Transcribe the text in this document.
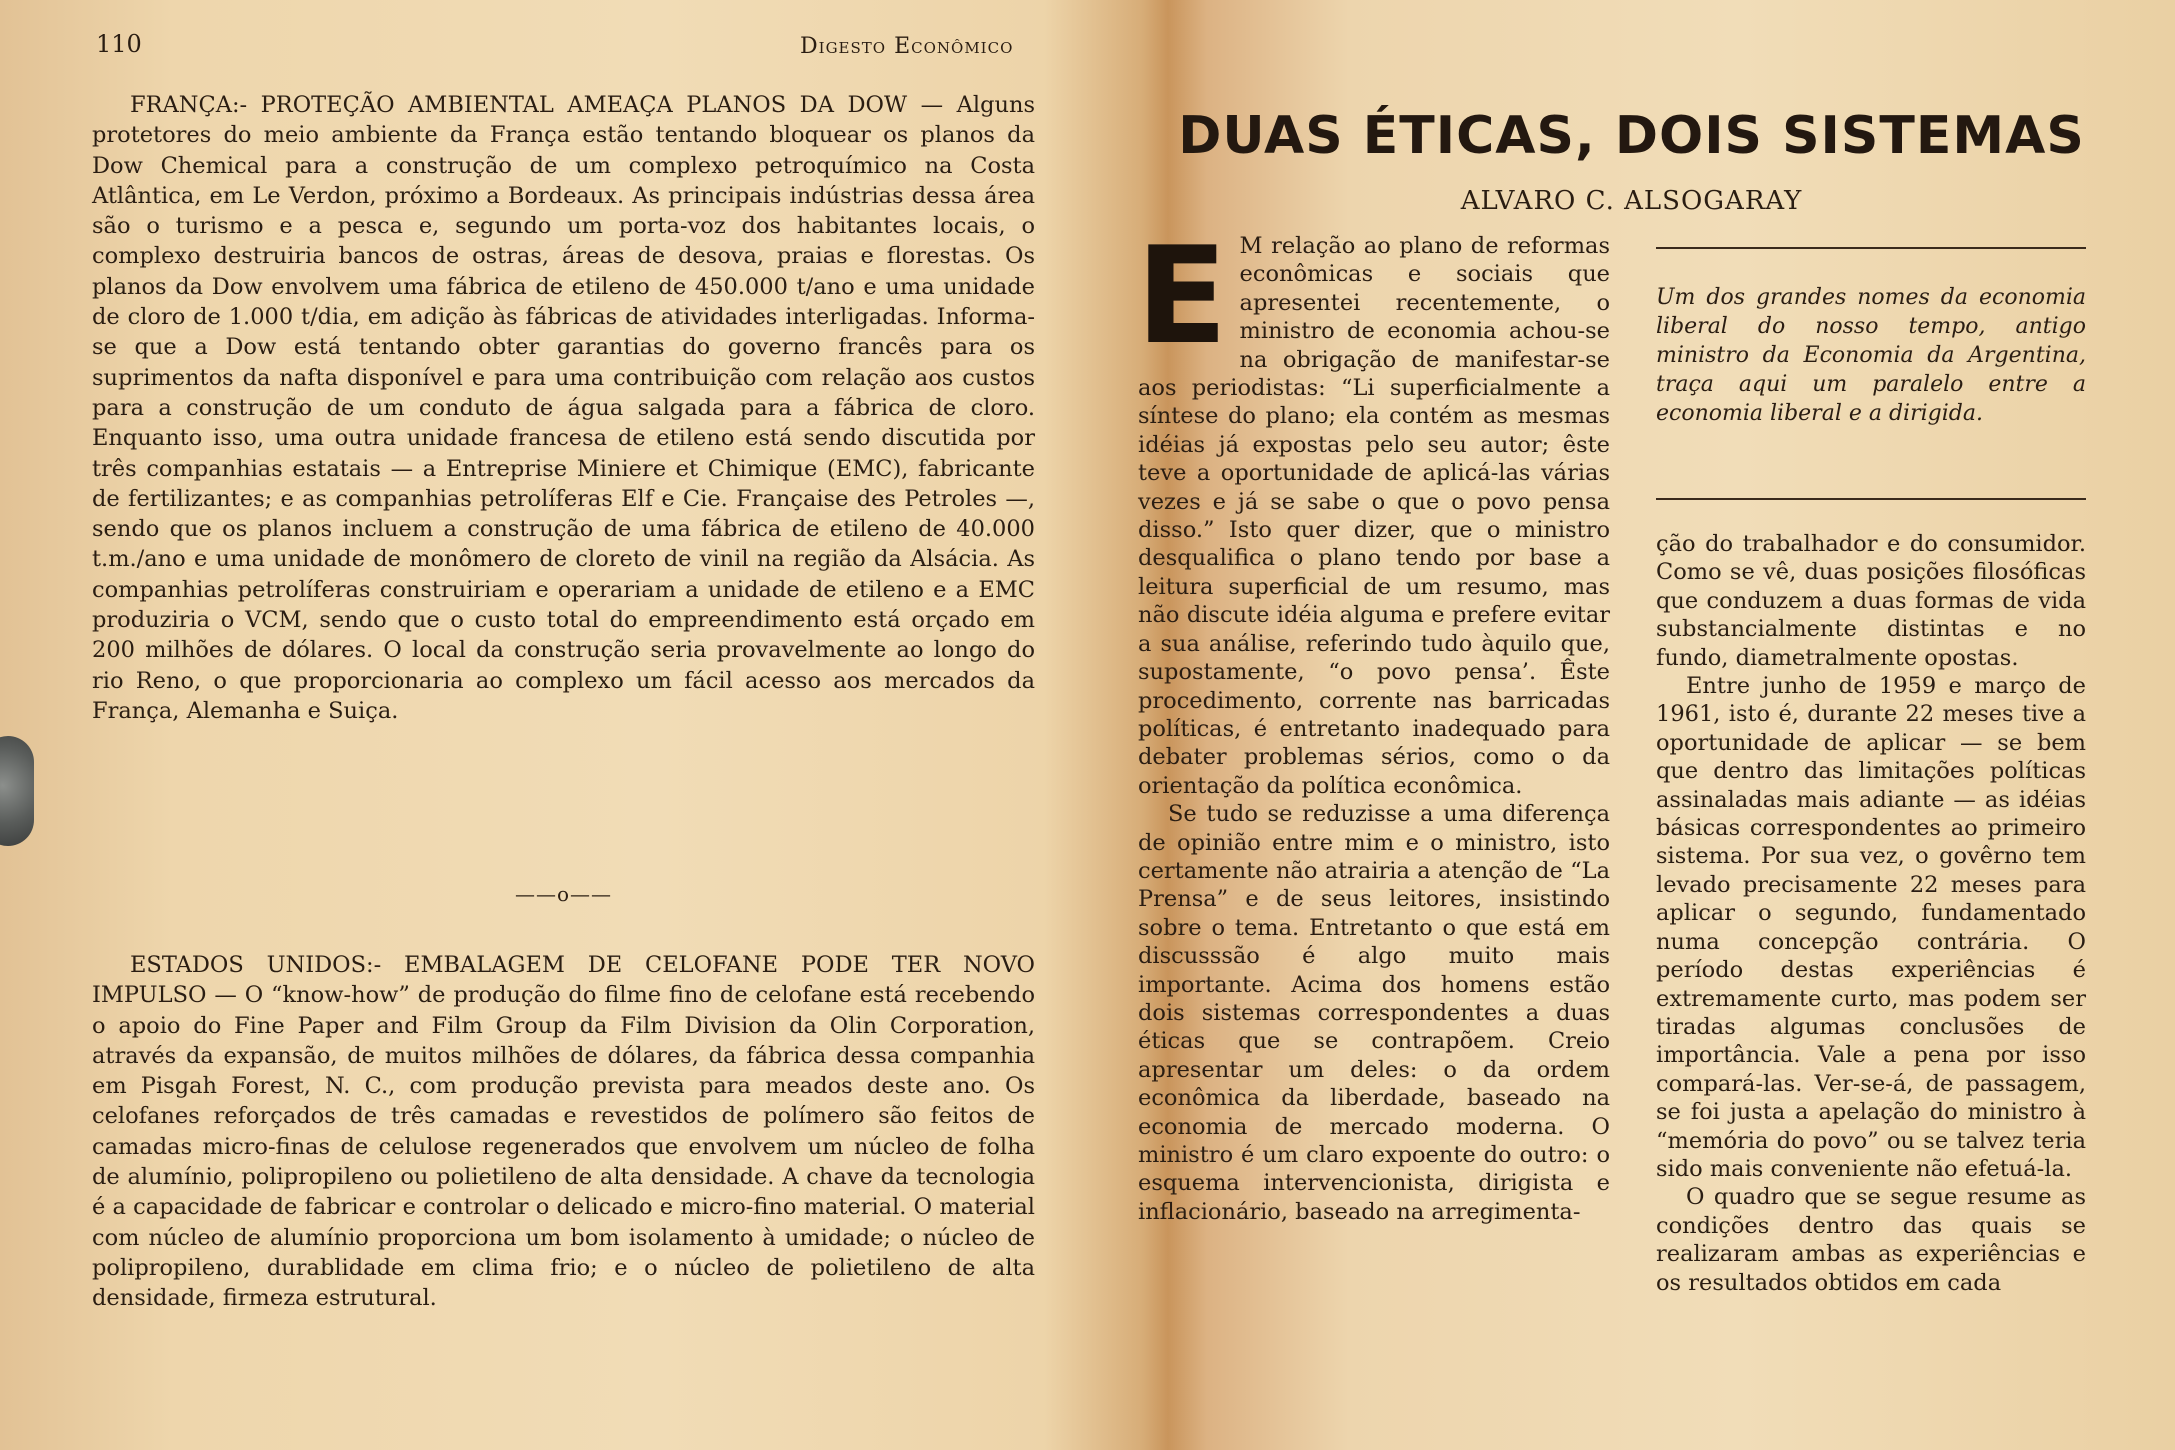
110	Digesto Econômico

FRANÇA:- PROTEÇÃO AMBIENTAL AMEAÇA PLANOS DA DOW — Alguns protetores do meio ambiente da França estão tentando bloquear os planos da Dow Chemical para a construção de um complexo petroquímico na Costa Atlântica, em Le Verdon, próximo a Bordeaux. As principais indústrias dessa área são o turismo e a pesca e, segundo um porta-voz dos habitantes locais, o complexo destruiria bancos de ostras, áreas de desova, praias e florestas. Os planos da Dow envolvem uma fábrica de etileno de 450.000 t/ano e uma unidade de cloro de 1.000 t/dia, em adição às fábricas de atividades interligadas. Informa-se que a Dow está tentando obter garantias do governo francês para os suprimentos da nafta disponível e para uma contribuição com relação aos custos para a construção de um conduto de água salgada para a fábrica de cloro. Enquanto isso, uma outra unidade francesa de etileno está sendo discutida por três companhias estatais — a Entreprise Miniere et Chimique (EMC), fabricante de fertilizantes; e as companhias petrolíferas Elf e Cie. Française des Petroles —, sendo que os planos incluem a construção de uma fábrica de etileno de 40.000 t.m./ano e uma unidade de monômero de cloreto de vinil na região da Alsácia. As companhias petrolíferas construiriam e operariam a unidade de etileno e a EMC produziria o VCM, sendo que o custo total do empreendimento está orçado em 200 milhões de dólares. O local da construção seria provavelmente ao longo do rio Reno, o que proporcionaria ao complexo um fácil acesso aos mercados da França, Alemanha e Suiça.

——o——

ESTADOS UNIDOS:- EMBALAGEM DE CELOFANE PODE TER NOVO IMPULSO — O “know-how” de produção do filme fino de celofane está recebendo o apoio do Fine Paper and Film Group da Film Division da Olin Corporation, através da expansão, de muitos milhões de dólares, da fábrica dessa companhia em Pisgah Forest, N. C., com produção prevista para meados deste ano. Os celofanes reforçados de três camadas e revestidos de polímero são feitos de camadas micro-finas de celulose regenerados que envolvem um núcleo de folha de alumínio, polipropileno ou polietileno de alta densidade. A chave da tecnologia é a capacidade de fabricar e controlar o delicado e micro-fino material. O material com núcleo de alumínio proporciona um bom isolamento à umidade; o núcleo de polipropileno, durablidade em clima frio; e o núcleo de polietileno de alta densidade, firmeza estrutural.

DUAS ÉTICAS, DOIS SISTEMAS

ALVARO C. ALSOGARAY

E M relação ao plano de reformas econômicas e sociais que apresentei recentemente, o ministro de economia achou-se na obrigação de manifestar-se aos periodistas: “Li superficialmente a síntese do plano; ela contém as mesmas idéias já expostas pelo seu autor; êste teve a oportunidade de aplicá-las várias vezes e já se sabe o que o povo pensa disso.” Isto quer dizer, que o ministro desqualifica o plano tendo por base a leitura superficial de um resumo, mas não discute idéia alguma e prefere evitar a sua análise, referindo tudo àquilo que, supostamente, “o povo pensa’. Êste procedimento, corrente nas barricadas políticas, é entretanto inadequado para debater problemas sérios, como o da orientação da política econômica.

Se tudo se reduzisse a uma diferença de opinião entre mim e o ministro, isto certamente não atrairia a atenção de “La Prensa” e de seus leitores, insistindo sobre o tema. Entretanto o que está em discusssão é algo muito mais importante. Acima dos homens estão dois sistemas correspondentes a duas éticas que se contrapõem. Creio apresentar um deles: o da ordem econômica da liberdade, baseado na economia de mercado moderna. O ministro é um claro expoente do outro: o esquema intervencionista, dirigista e inflacionário, baseado na arregimenta-

Um dos grandes nomes da economia liberal do nosso tempo, antigo ministro da Economia da Argentina, traça aqui um paralelo entre a economia liberal e a dirigida.

ção do trabalhador e do consumidor. Como se vê, duas posições filosóficas que conduzem a duas formas de vida substancialmente distintas e no fundo, diametralmente opostas.

Entre junho de 1959 e março de 1961, isto é, durante 22 meses tive a oportunidade de aplicar — se bem que dentro das limitações políticas assinaladas mais adiante — as idéias básicas correspondentes ao primeiro sistema. Por sua vez, o govêrno tem levado precisamente 22 meses para aplicar o segundo, fundamentado numa concepção contrária. O período destas experiências é extremamente curto, mas podem ser tiradas algumas conclusões de importância. Vale a pena por isso compará-las. Ver-se-á, de passagem, se foi justa a apelação do ministro à “memória do povo” ou se talvez teria sido mais conveniente não efetuá-la.

O quadro que se segue resume as condições dentro das quais se realizaram ambas as experiências e os resultados obtidos em cada
